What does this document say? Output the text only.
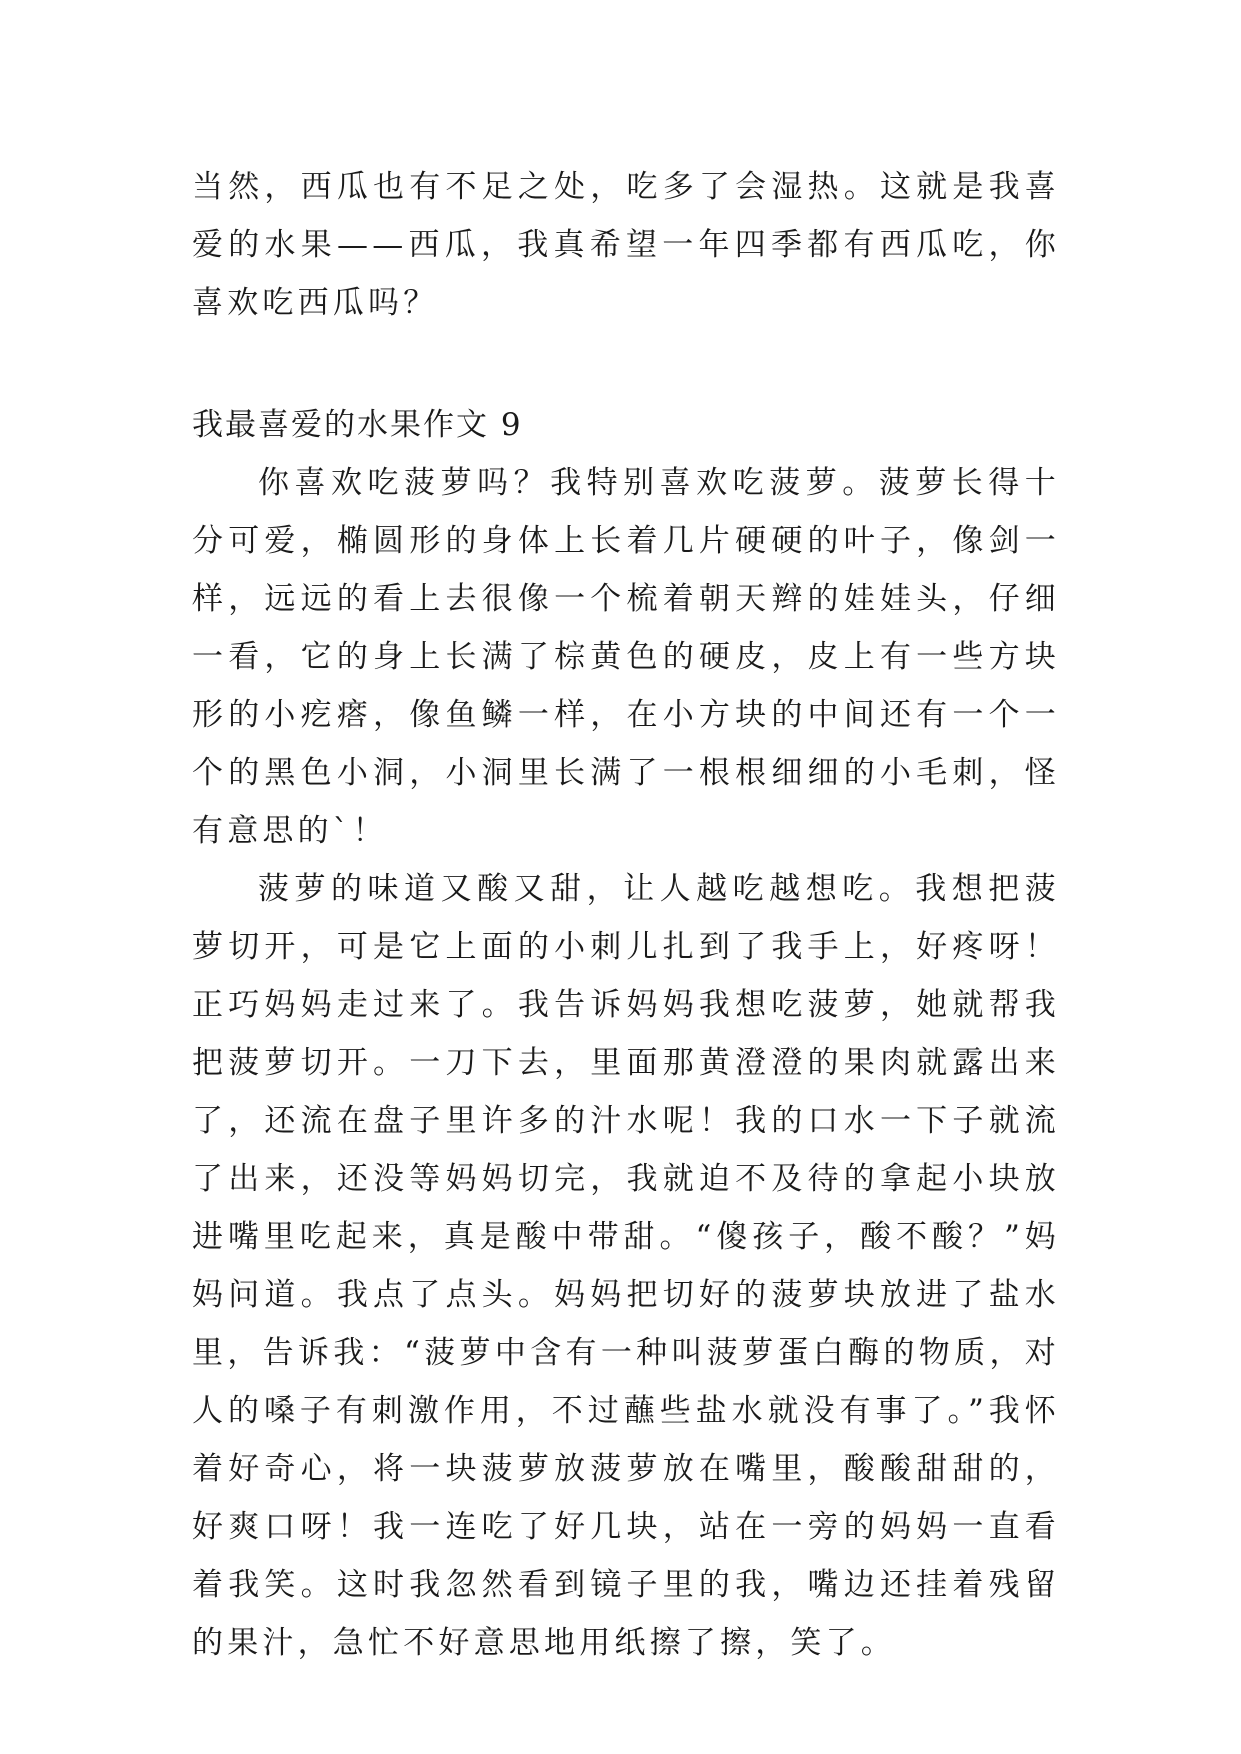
当然，西瓜也有不足之处，吃多了会湿热。这就是我喜爱的水果——西瓜，我真希望一年四季都有西瓜吃，你喜欢吃西瓜吗？

我最喜爱的水果作文 9

你喜欢吃菠萝吗？我特别喜欢吃菠萝。菠萝长得十分可爱，椭圆形的身体上长着几片硬硬的叶子，像剑一样，远远的看上去很像一个梳着朝天辫的娃娃头，仔细一看，它的身上长满了棕黄色的硬皮，皮上有一些方块形的小疙瘩，像鱼鳞一样，在小方块的中间还有一个一个的黑色小洞，小洞里长满了一根根细细的小毛刺，怪有意思的`！

菠萝的味道又酸又甜，让人越吃越想吃。我想把菠萝切开，可是它上面的小刺儿扎到了我手上，好疼呀！正巧妈妈走过来了。我告诉妈妈我想吃菠萝，她就帮我把菠萝切开。一刀下去，里面那黄澄澄的果肉就露出来了，还流在盘子里许多的汁水呢！我的口水一下子就流了出来，还没等妈妈切完，我就迫不及待的拿起小块放进嘴里吃起来，真是酸中带甜。“傻孩子，酸不酸？”妈妈问道。我点了点头。妈妈把切好的菠萝块放进了盐水里，告诉我：“菠萝中含有一种叫菠萝蛋白酶的物质，对人的嗓子有刺激作用，不过蘸些盐水就没有事了。”我怀着好奇心，将一块菠萝放菠萝放在嘴里，酸酸甜甜的，好爽口呀！我一连吃了好几块，站在一旁的妈妈一直看着我笑。这时我忽然看到镜子里的我，嘴边还挂着残留的果汁，急忙不好意思地用纸擦了擦，笑了。
